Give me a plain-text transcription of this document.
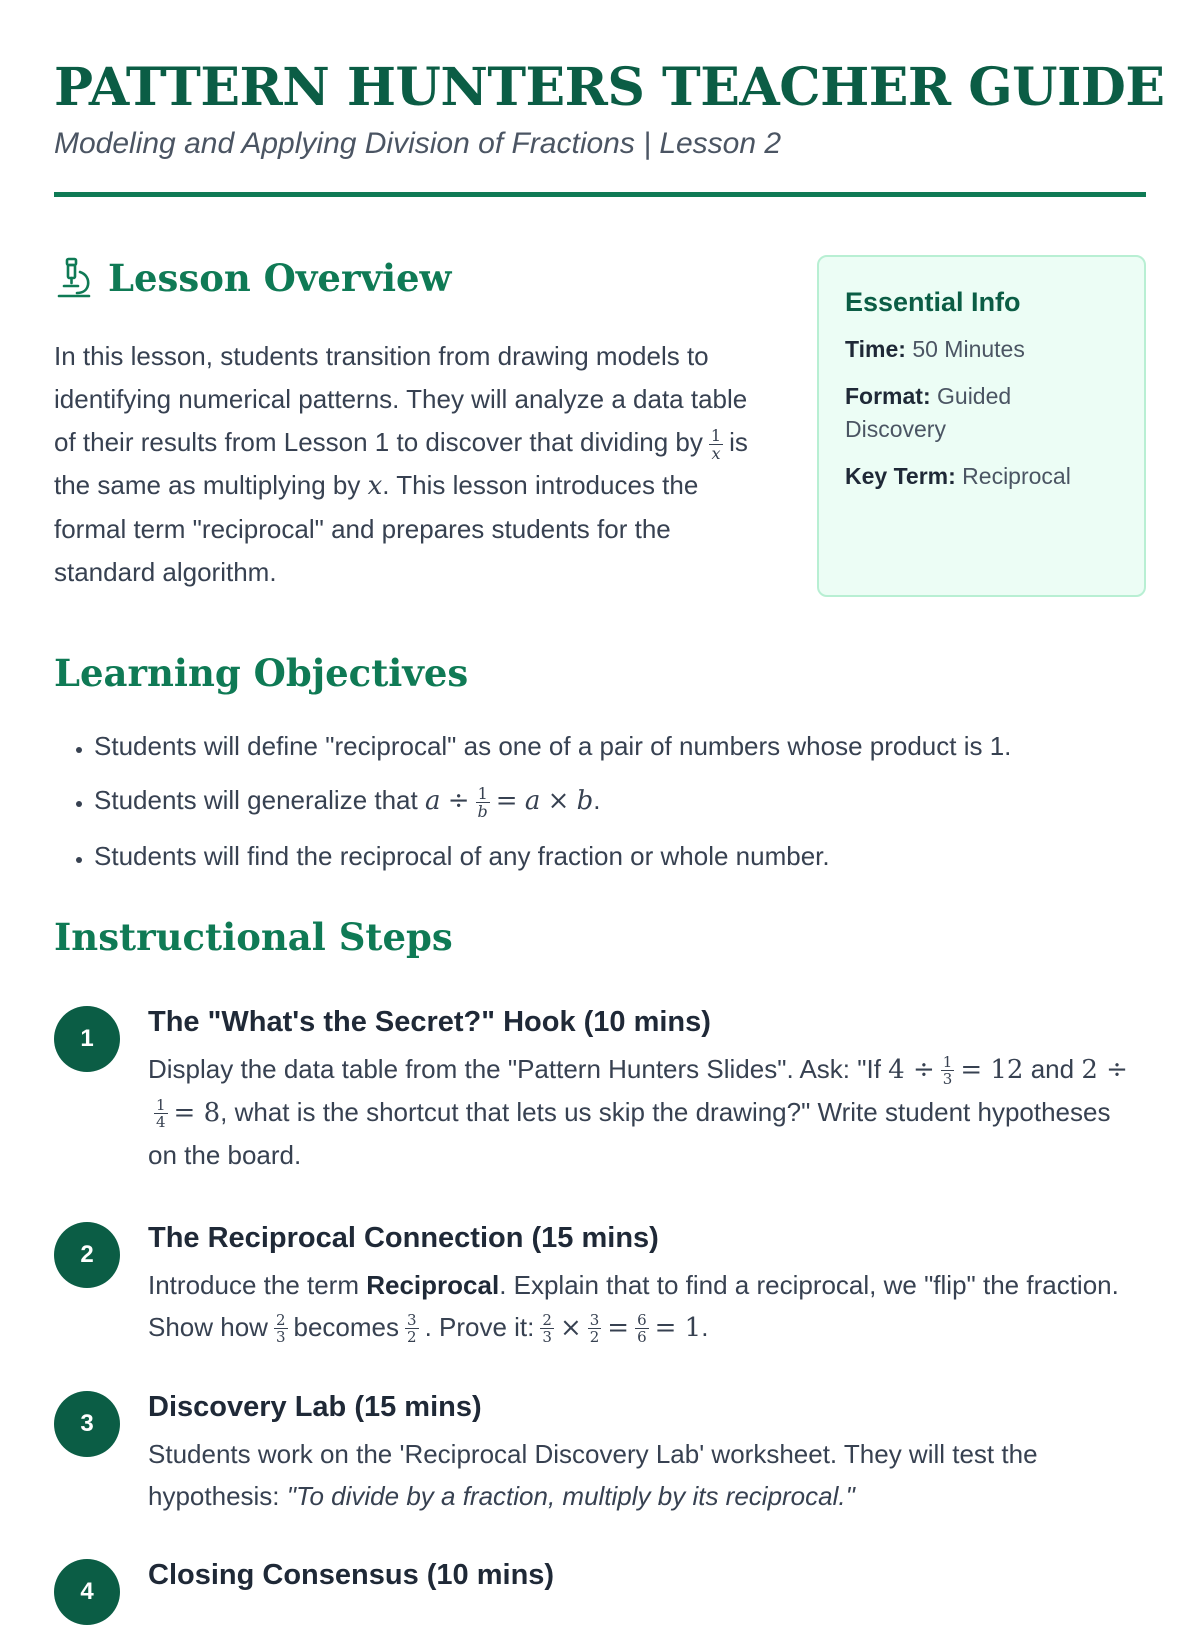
PATTERN HUNTERS TEACHER GUIDE
Modeling and Applying Division of Fractions | Lesson 2
Lesson Overview

In this lesson, students transition from drawing models to identifying numerical patterns. They will analyze a data table of their results from Lesson 1 to discover that dividing by $\frac{1}{x}$ is the same as multiplying by x. This lesson introduces the formal term "reciprocal" and prepares students for the standard algorithm.

Essential Info
Time: 50 Minutes
Format: Guided Discovery
Key Term: Reciprocal
Learning Objectives
• Students will define "reciprocal" as one of a pair of numbers whose product is 1.
• Students will generalize that $a \div \frac{1}{b} = a \times b$.
• Students will find the reciprocal of any fraction or whole number.
Instructional Steps
1
The "What's the Secret?" Hook (10 mins)

Display the data table from the "Pattern Hunters Slides". Ask: "If $4 \div \frac{1}{3} = 12$ and 2 ÷
$\frac{1}{4} = 8$, what is the shortcut that lets us skip the drawing?" Write student hypotheses on the board.

2
The Reciprocal Connection (15 mins)

Introduce the term Reciprocal. Explain that to find a reciprocal, we "flip" the fraction. Show how $\frac{2}{3}$ becomes $\frac{3}{2}$ . Prove it: $\frac{2}{3} \times \frac{3}{2} = \frac{6}{6} = 1$.

3
Discovery Lab (15 mins)

Students work on the 'Reciprocal Discovery Lab' worksheet. They will test the hypothesis: "To divide by a fraction, multiply by its reciprocal."

4
Closing Consensus (10 mins)
